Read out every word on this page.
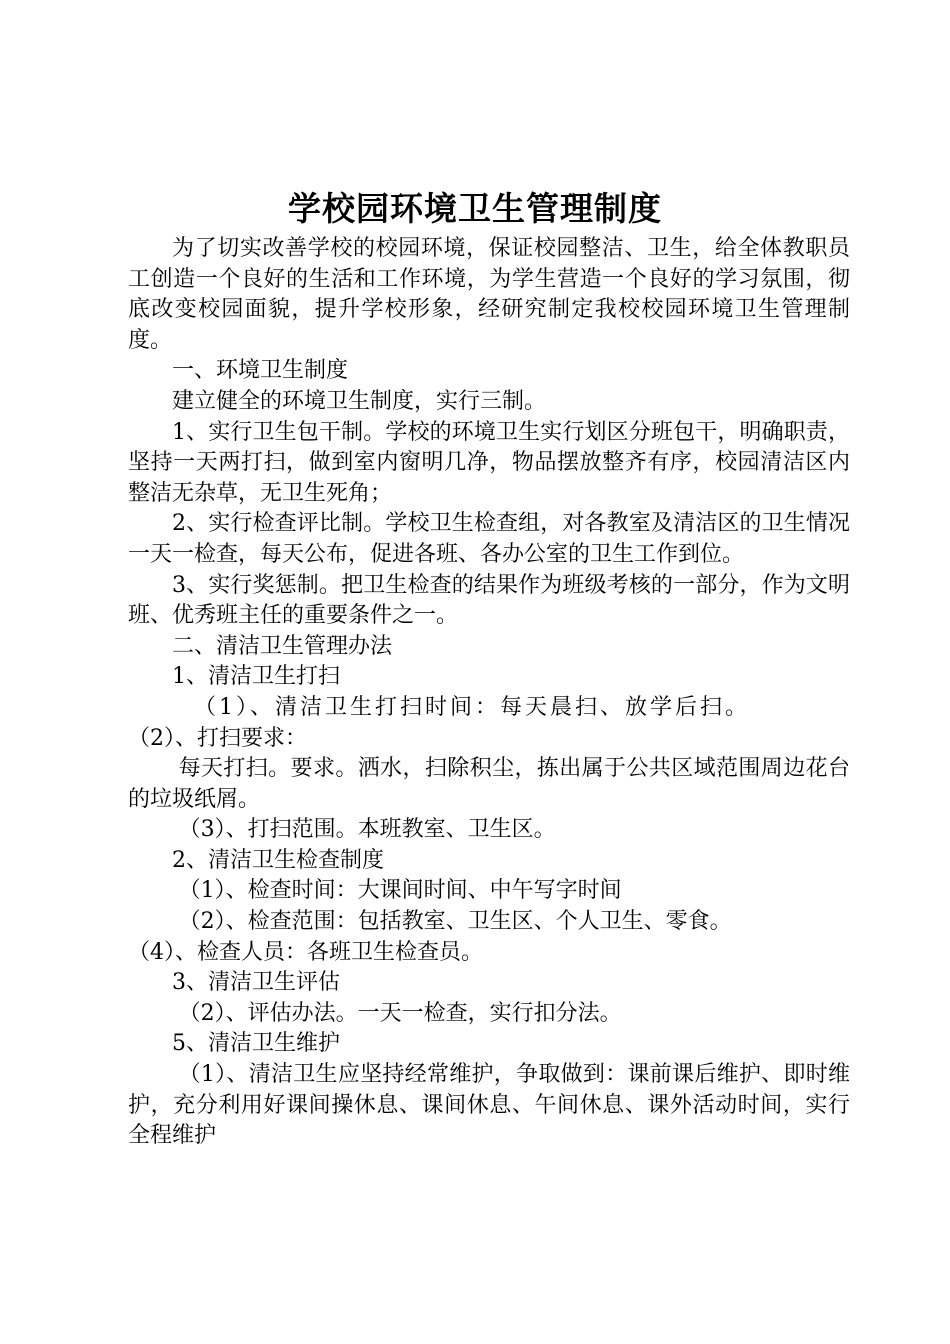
学校园环境卫生管理制度

为了切实改善学校的校园环境，保证校园整洁、卫生，给全体教职员工创造一个良好的生活和工作环境，为学生营造一个良好的学习氛围，彻底改变校园面貌，提升学校形象，经研究制定我校校园环境卫生管理制度。

一、环境卫生制度

建立健全的环境卫生制度，实行三制。

1、实行卫生包干制。学校的环境卫生实行划区分班包干，明确职责，坚持一天两打扫，做到室内窗明几净，物品摆放整齐有序，校园清洁区内整洁无杂草，无卫生死角；

2、实行检查评比制。学校卫生检查组，对各教室及清洁区的卫生情况一天一检查，每天公布，促进各班、各办公室的卫生工作到位。

3、实行奖惩制。把卫生检查的结果作为班级考核的一部分，作为文明班、优秀班主任的重要条件之一。

二、清洁卫生管理办法

1、清洁卫生打扫

（1）、清洁卫生打扫时间：每天晨扫、放学后扫。

（2）、打扫要求：

每天打扫。要求。洒水，扫除积尘，拣出属于公共区域范围周边花台的垃圾纸屑。

（3）、打扫范围。本班教室、卫生区。

2、清洁卫生检查制度

（1）、检查时间：大课间时间、中午写字时间

（2）、检查范围：包括教室、卫生区、个人卫生、零食。

（4）、检查人员：各班卫生检查员。

3、清洁卫生评估

（2）、评估办法。一天一检查，实行扣分法。

5、清洁卫生维护

（1）、清洁卫生应坚持经常维护，争取做到：课前课后维护、即时维护，充分利用好课间操休息、课间休息、午间休息、课外活动时间，实行全程维护
